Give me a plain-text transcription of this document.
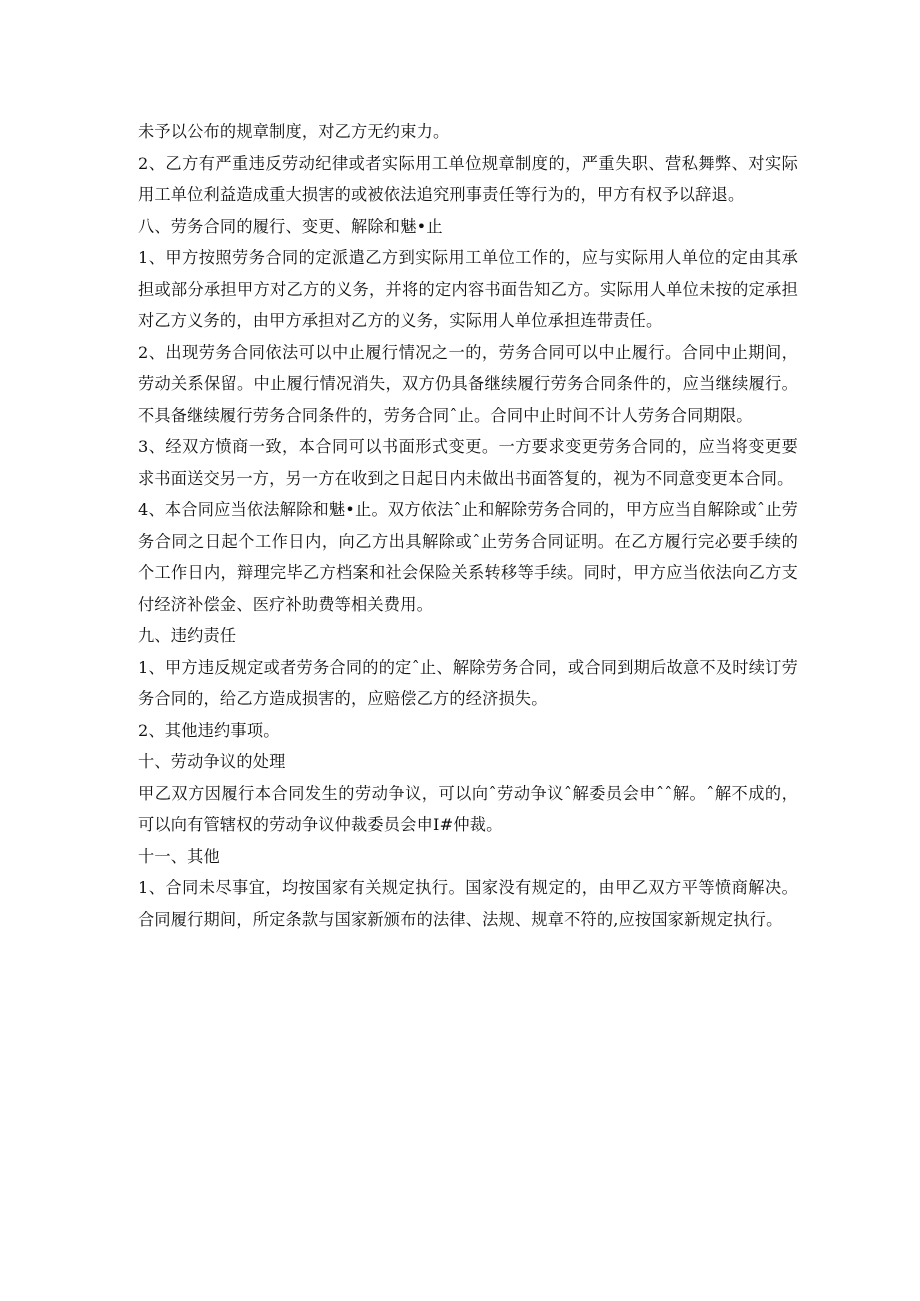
未予以公布的规章制度，对乙方无约束力。

2、乙方有严重违反劳动纪律或者实际用工单位规章制度的，严重失职、营私舞弊、对实际用工单位利益造成重大损害的或被依法追究刑事责任等行为的，甲方有权予以辞退。

八、劳务合同的履行、变更、解除和魅•止

1、甲方按照劳务合同的定派遣乙方到实际用工单位工作的，应与实际用人单位的定由其承担或部分承担甲方对乙方的义务，并将的定内容书面告知乙方。实际用人单位未按的定承担对乙方义务的，由甲方承担对乙方的义务，实际用人单位承担连带责任。

2、出现劳务合同依法可以中止履行情况之一的，劳务合同可以中止履行。合同中止期间，劳动关系保留。中止履行情况消失，双方仍具备继续履行劳务合同条件的，应当继续履行。不具备继续履行劳务合同条件的，劳务合同ˆ止。合同中止时间不计人劳务合同期限。

3、经双方愤商一致，本合同可以书面形式变更。一方要求变更劳务合同的，应当将变更要求书面送交另一方，另一方在收到之日起日内未做出书面答复的，视为不同意变更本合同。

4、本合同应当依法解除和魅•止。双方依法ˆ止和解除劳务合同的，甲方应当自解除或ˆ止劳务合同之日起个工作日内，向乙方出具解除或ˆ止劳务合同证明。在乙方履行完必要手续的个工作日内，辩理完毕乙方档案和社会保险关系转移等手续。同时，甲方应当依法向乙方支付经济补偿金、医疗补助费等相关费用。

九、违约责任

1、甲方违反规定或者劳务合同的的定ˆ止、解除劳务合同，或合同到期后故意不及时续订劳务合同的，给乙方造成损害的，应赔偿乙方的经济损失。

2、其他违约事项。

十、劳动争议的处理

甲乙双方因履行本合同发生的劳动争议，可以向ˆ劳动争议ˆ解委员会申ˆˆ解。ˆ解不成的，可以向有管辖权的劳动争议仲裁委员会申I#仲裁。

十一、其他

1、合同未尽事宜，均按国家有关规定执行。国家没有规定的，由甲乙双方平等愤商解决。合同履行期间，所定条款与国家新颁布的法律、法规、规章不符的,应按国家新规定执行。
